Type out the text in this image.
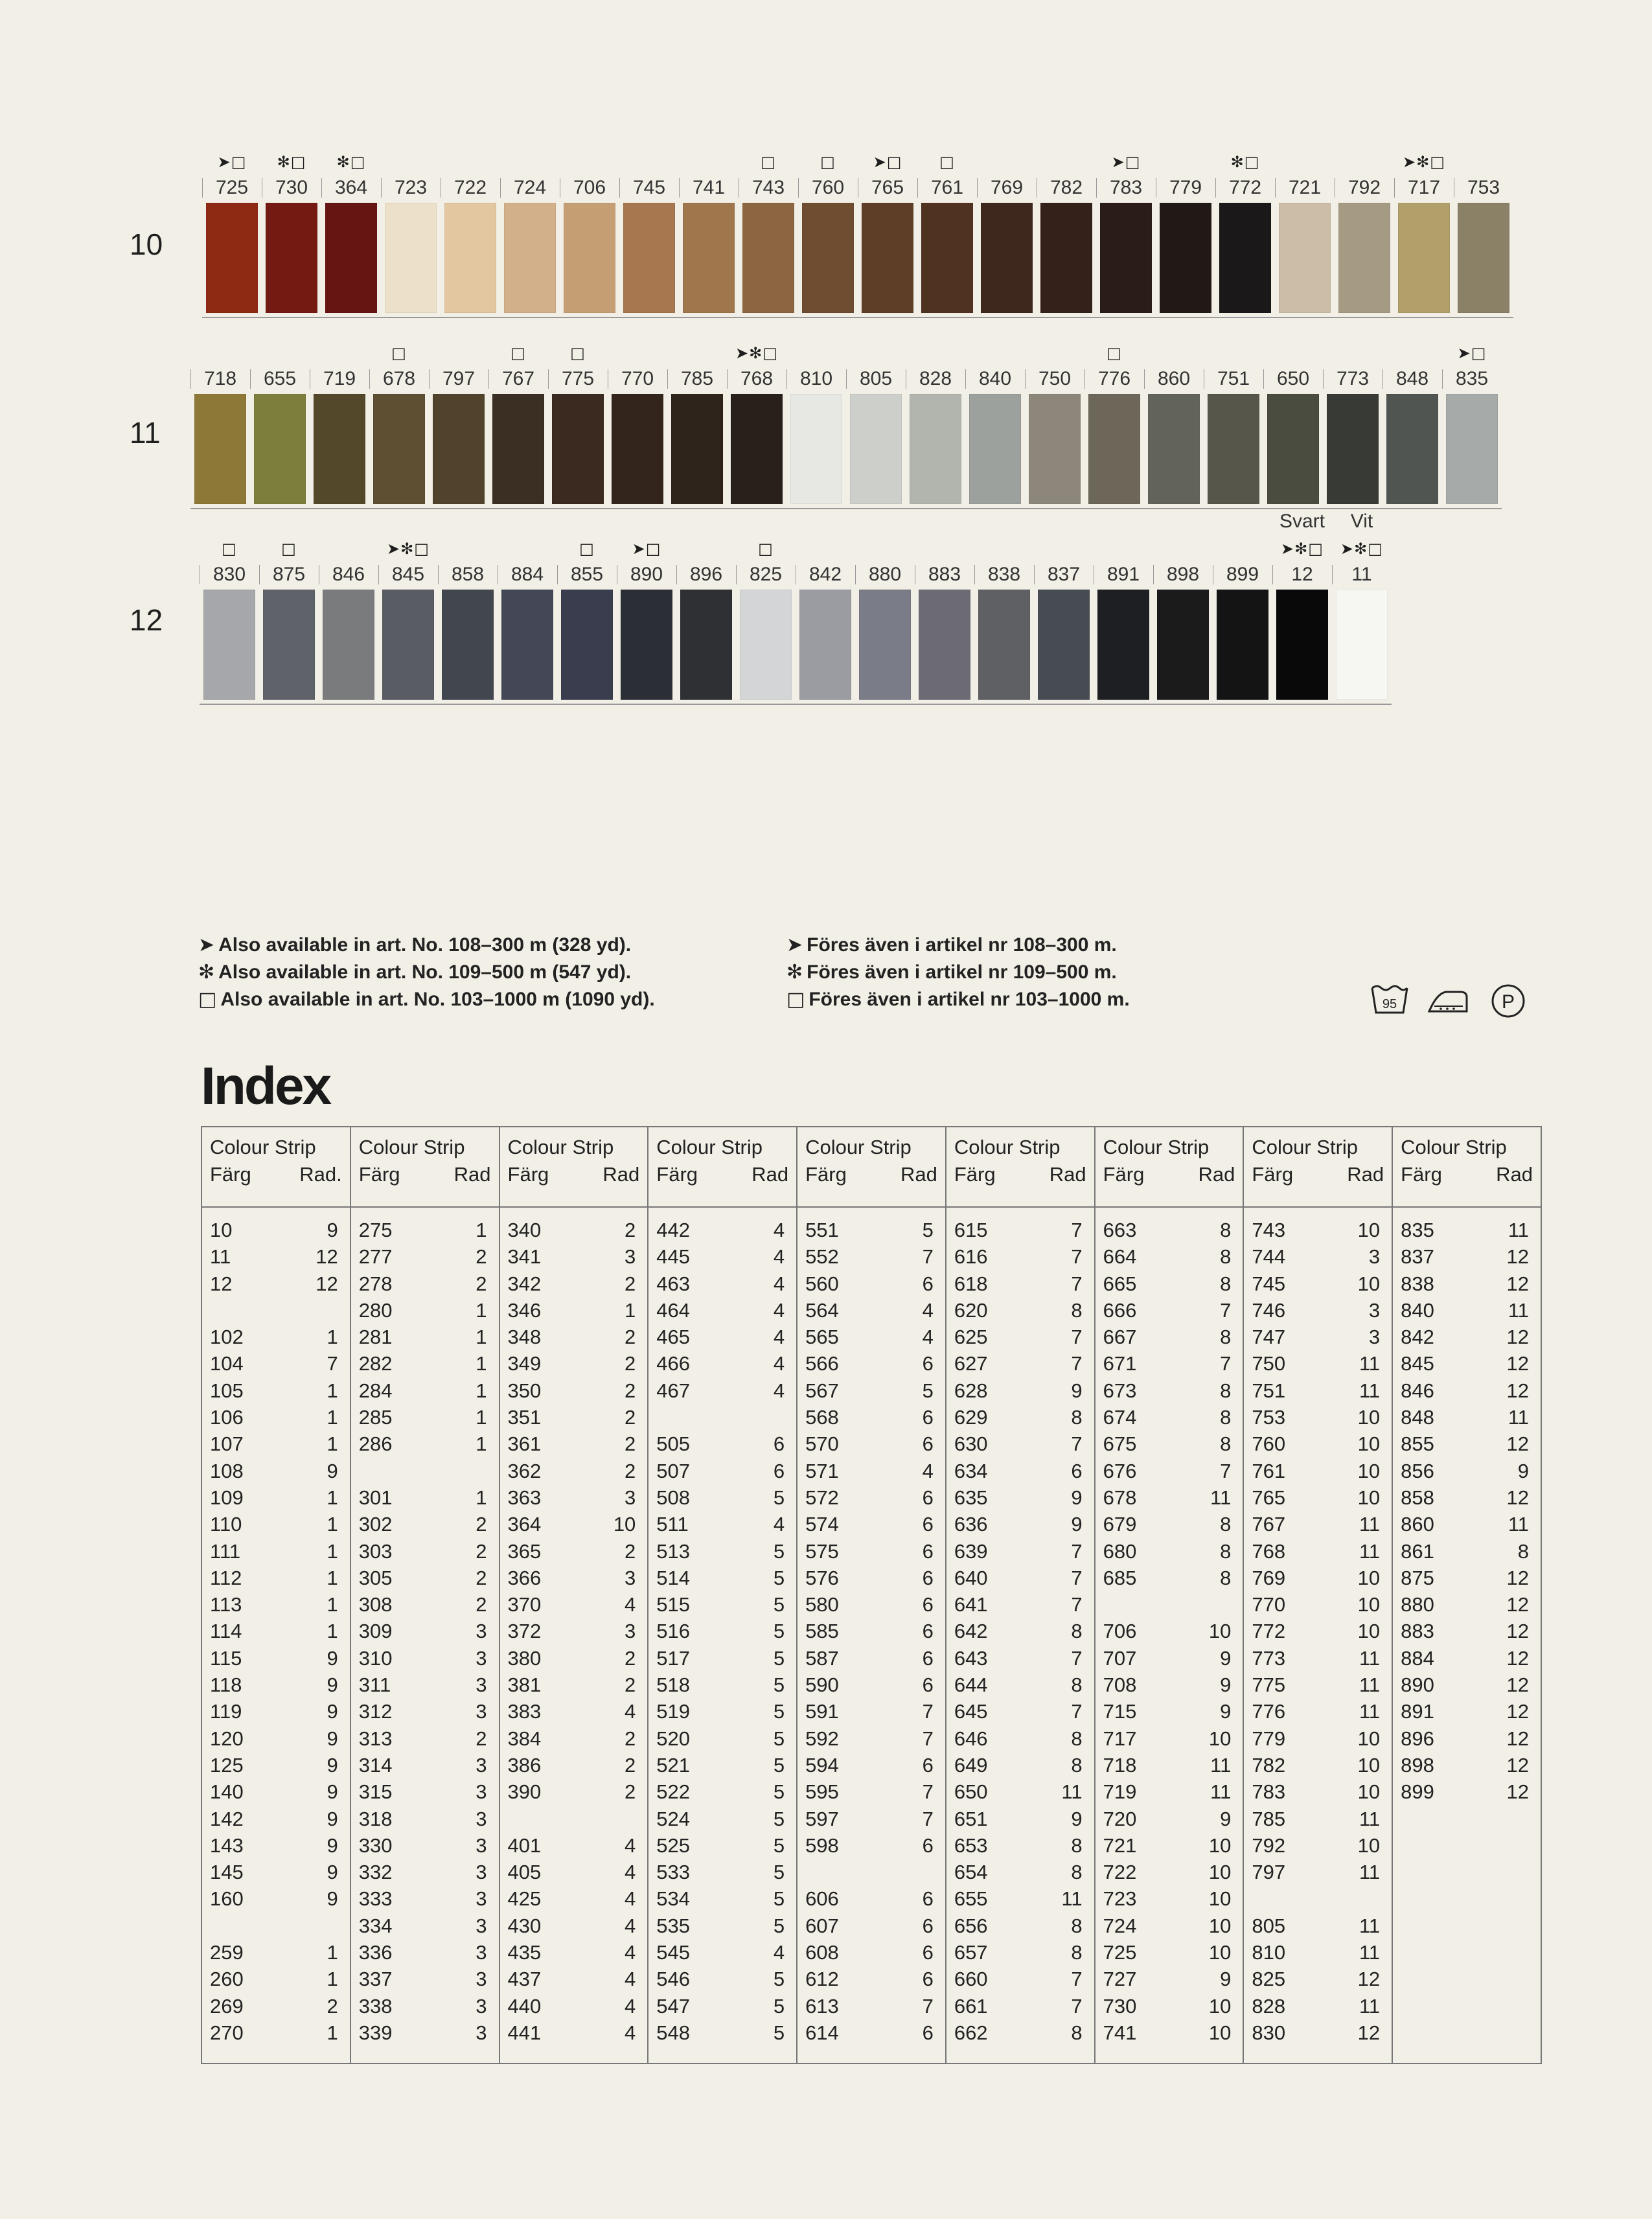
10
➤□
725
✻□
730
✻□
364	723	722	724	706	745	741
□
743
□
760
➤□
765
□
761	769	782
➤□
783	779
✻□
772	721	792
➤✻□
717	753
11
718	655	719
□
678	797
□
767
□
775	770	785
➤✻□
768	810	805	828	840	750
□
776	860	751	650	773	848
➤□
835
12
□
830
□
875	846
➤✻□
845	858	884
□
855
➤□
890	896
□
825	842	880	883	838	837	891	898	899
Svart
➤✻□
12
Vit
➤✻□
11
➤ Also available in art. No. 108–300 m (328 yd).
✻ Also available in art. No. 109–500 m (547 yd).
□ Also available in art. No. 103–1000 m (1090 yd).
➤ Föres även i artikel nr 108–300 m.
✻ Föres även i artikel nr 109–500 m.
□ Föres även i artikel nr 103–1000 m.	95	P
Index
Colour Strip
Färg Rad.
10	9
11	12
12	12
102	1
104	7
105	1
106	1
107	1
108	9
109	1
110	1
111	1
112	1
113	1
114	1
115	9
118	9
119	9
120	9
125	9
140	9
142	9
143	9
145	9
160	9
259	1
260	1
269	2
270	1

Colour Strip
Färg	Rad
275	1
277	2
278	2
280	1
281	1
282	1
284	1
285	1
286	1
301	1
302	2
303	2
305	2
308	2
309	3
310	3
311	3
312	3
313	2
314	3
315	3
318	3
330	3
332	3
333	3
334	3
336	3
337	3
338	3
339	3

Colour Strip
Färg	Rad
340	2
341	3
342	2
346	1
348	2
349	2
350	2
351	2
361	2
362	2
363	3
364	10
365	2
366	3
370	4
372	3
380	2
381	2
383	4
384	2
386	2
390	2
401	4
405	4
425	4
430	4
435	4
437	4
440	4
441	4

Colour Strip
Färg	Rad
442	4
445	4
463	4
464	4
465	4
466	4
467	4
505	6
507	6
508	5
511	4
513	5
514	5
515	5
516	5
517	5
518	5
519	5
520	5
521	5
522	5
524	5
525	5
533	5
534	5
535	5
545	4
546	5
547	5
548	5

Colour Strip
Färg	Rad
551	5
552	7
560	6
564	4
565	4
566	6
567	5
568	6
570	6
571	4
572	6
574	6
575	6
576	6
580	6
585	6
587	6
590	6
591	7
592	7
594	6
595	7
597	7
598	6
606	6
607	6
608	6
612	6
613	7
614	6

Colour Strip
Färg	Rad
615	7
616	7
618	7
620	8
625	7
627	7
628	9
629	8
630	7
634	6
635	9
636	9
639	7
640	7
641	7
642	8
643	7
644	8
645	7
646	8
649	8
650	11
651	9
653	8
654	8
655	11
656	8
657	8
660	7
661	7
662	8

Colour Strip
Färg	Rad
663	8
664	8
665	8
666	7
667	8
671	7
673	8
674	8
675	8
676	7
678	11
679	8
680	8
685	8
706	10
707	9
708	9
715	9
717	10
718	11
719	11
720	9
721	10
722	10
723	10
724	10
725	10
727	9
730	10
741	10

Colour Strip
Färg	Rad
743	10
744	3
745	10
746	3
747	3
750	11
751	11
753	10
760	10
761	10
765	10
767	11
768	11
769	10
770	10
772	10
773	11
775	11
776	11
779	10
782	10
783	10
785	11
792	10
797	11
805	11
810	11
825	12
828	11
830	12

Colour Strip
Färg	Rad
835	11
837	12
838	12
840	11
842	12
845	12
846	12
848	11
855	12
856	9
858	12
860	11
861	8
875	12
880	12
883	12
884	12
890	12
891	12
896	12
898	12
899	12
